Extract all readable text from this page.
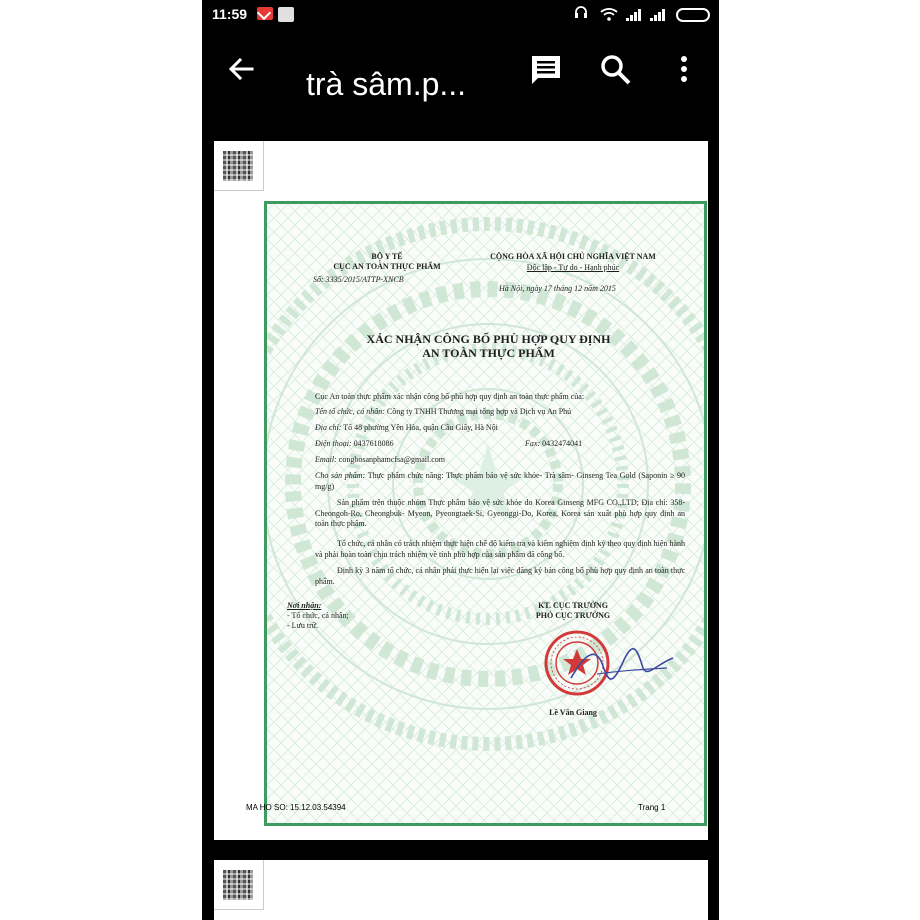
11:59
trà sâm.p...
BỘ Y TẾ
CỤC AN TOÀN THỰC PHẨM
Số: 3335/2015/ATTP-XNCB
CỘNG HÒA XÃ HỘI CHỦ NGHĨA VIỆT NAM
Độc lập - Tự do - Hạnh phúc
Hà Nội, ngày 17 tháng 12 năm 2015
XÁC NHẬN CÔNG BỐ PHÙ HỢP QUY ĐỊNH
AN TOÀN THỰC PHẨM
Cục An toàn thực phẩm xác nhận công bố phù hợp quy định an toàn thực phẩm của:
Tên tổ chức, cá nhân: Công ty TNHH Thương mại tổng hợp và Dịch vụ An Phú
Địa chỉ: Tổ 48 phường Yên Hòa, quận Cầu Giấy, Hà Nội
Điện thoại: 0437618086	Fax: 0432474041
Email: congbosanphamcfsa@gmail.com
Cho sản phẩm: Thực phẩm chức năng: Thực phẩm bảo vệ sức khỏe- Trà sâm- Ginseng Tea Gold (Saponin ≥ 90 mg/g)
Sản phẩm trên thuộc nhóm Thực phẩm bảo vệ sức khỏe do Korea Ginseng MFG CO.,LTD; Địa chỉ: 358- Cheongoh-Ro, Cheongbuk- Myeon, Pyeongtaek-Si, Gyeonggi-Do, Korea, Korea sản xuất phù hợp quy định an toàn thực phẩm.
Tổ chức, cá nhân có trách nhiệm thực hiện chế độ kiểm tra và kiểm nghiệm định kỳ theo quy định hiện hành và phải hoàn toàn chịu trách nhiệm về tính phù hợp của sản phẩm đã công bố.
Định kỳ 3 năm tổ chức, cá nhân phải thực hiện lại việc đăng ký bản công bố phù hợp quy định an toàn thực phẩm.
Nơi nhận:
- Tổ chức, cá nhân;
- Lưu trữ.
KT. CỤC TRƯỞNG
PHÓ CỤC TRƯỞNG
Lê Văn Giang
MA HO SO: 15.12.03.54394	Trang 1
